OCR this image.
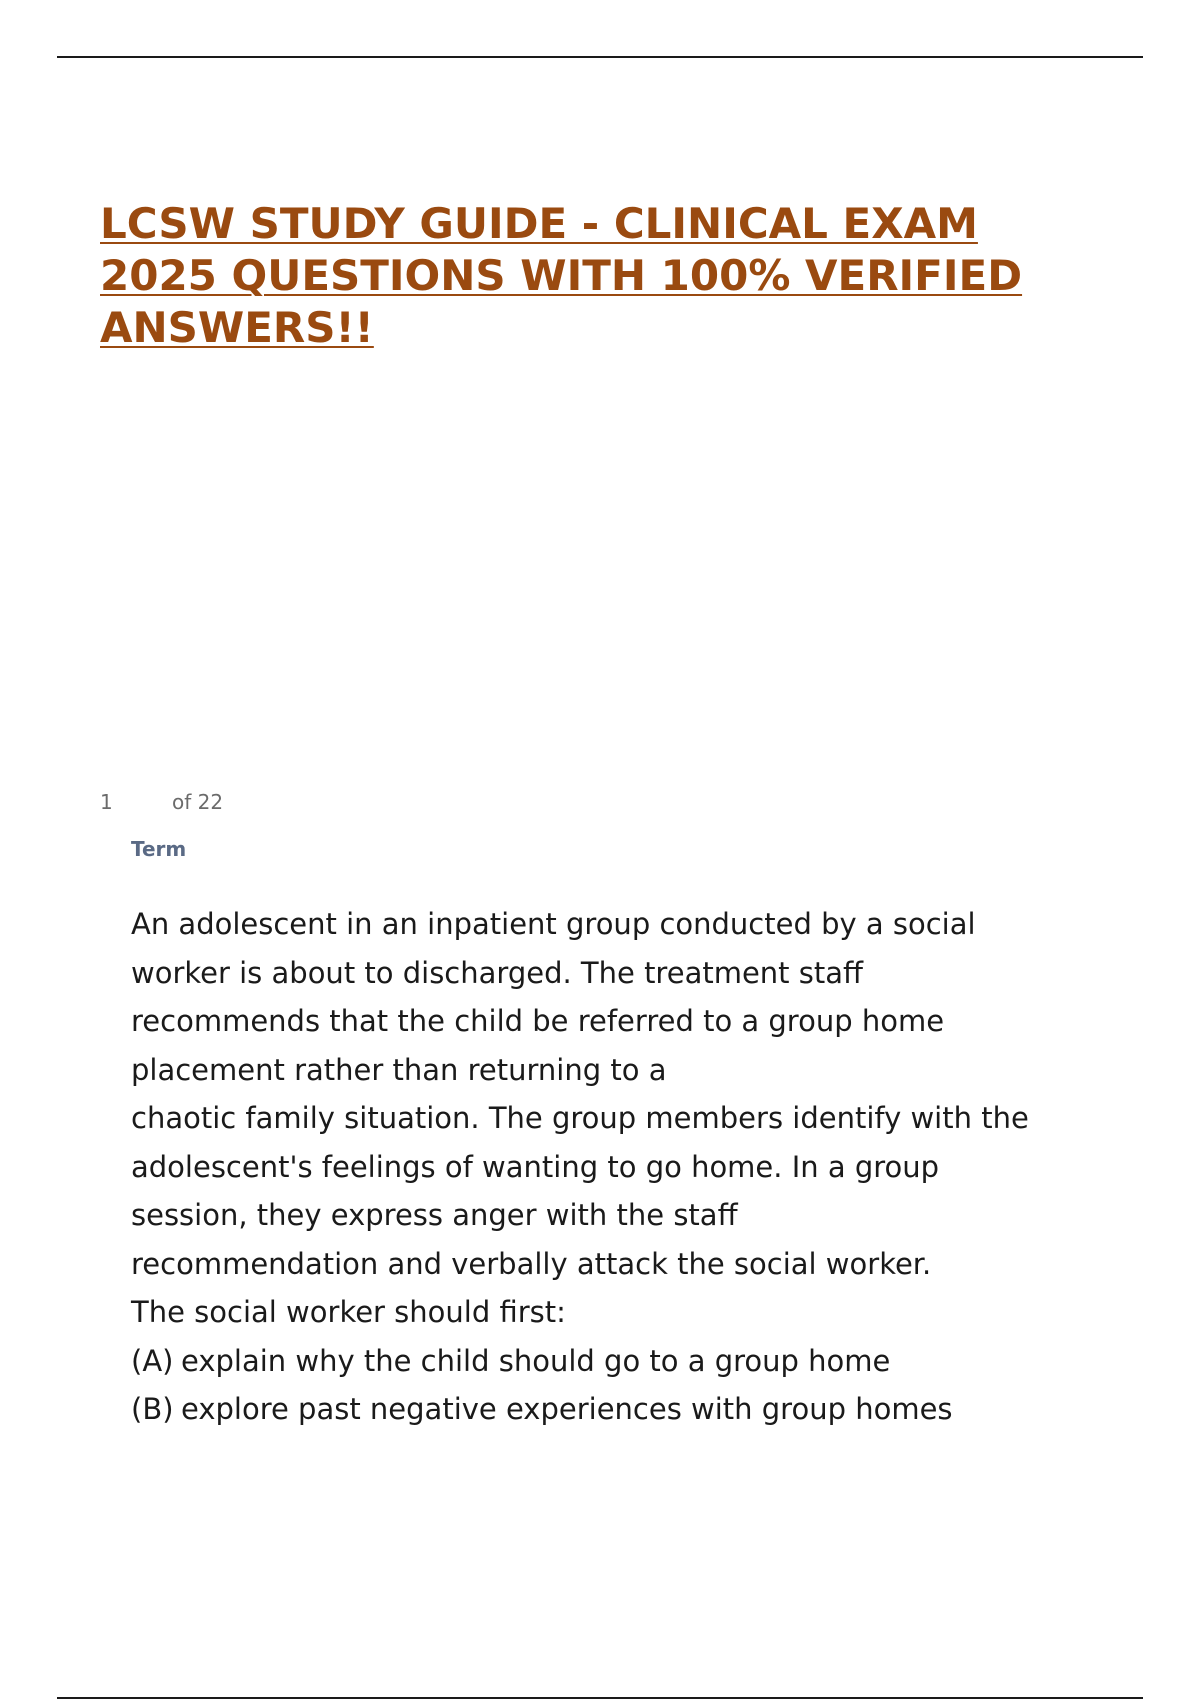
LCSW STUDY GUIDE - CLINICAL EXAM
2025 QUESTIONS WITH 100% VERIFIED
ANSWERS!!
1	of 22
Term
An adolescent in an inpatient group conducted by a social
worker is about to discharged. The treatment staff
recommends that the child be referred to a group home
placement rather than returning to a
chaotic family situation. The group members identify with the
adolescent's feelings of wanting to go home. In a group
session, they express anger with the staff
recommendation and verbally attack the social worker.
The social worker should first:
(A) explain why the child should go to a group home
(B) explore past negative experiences with group homes
